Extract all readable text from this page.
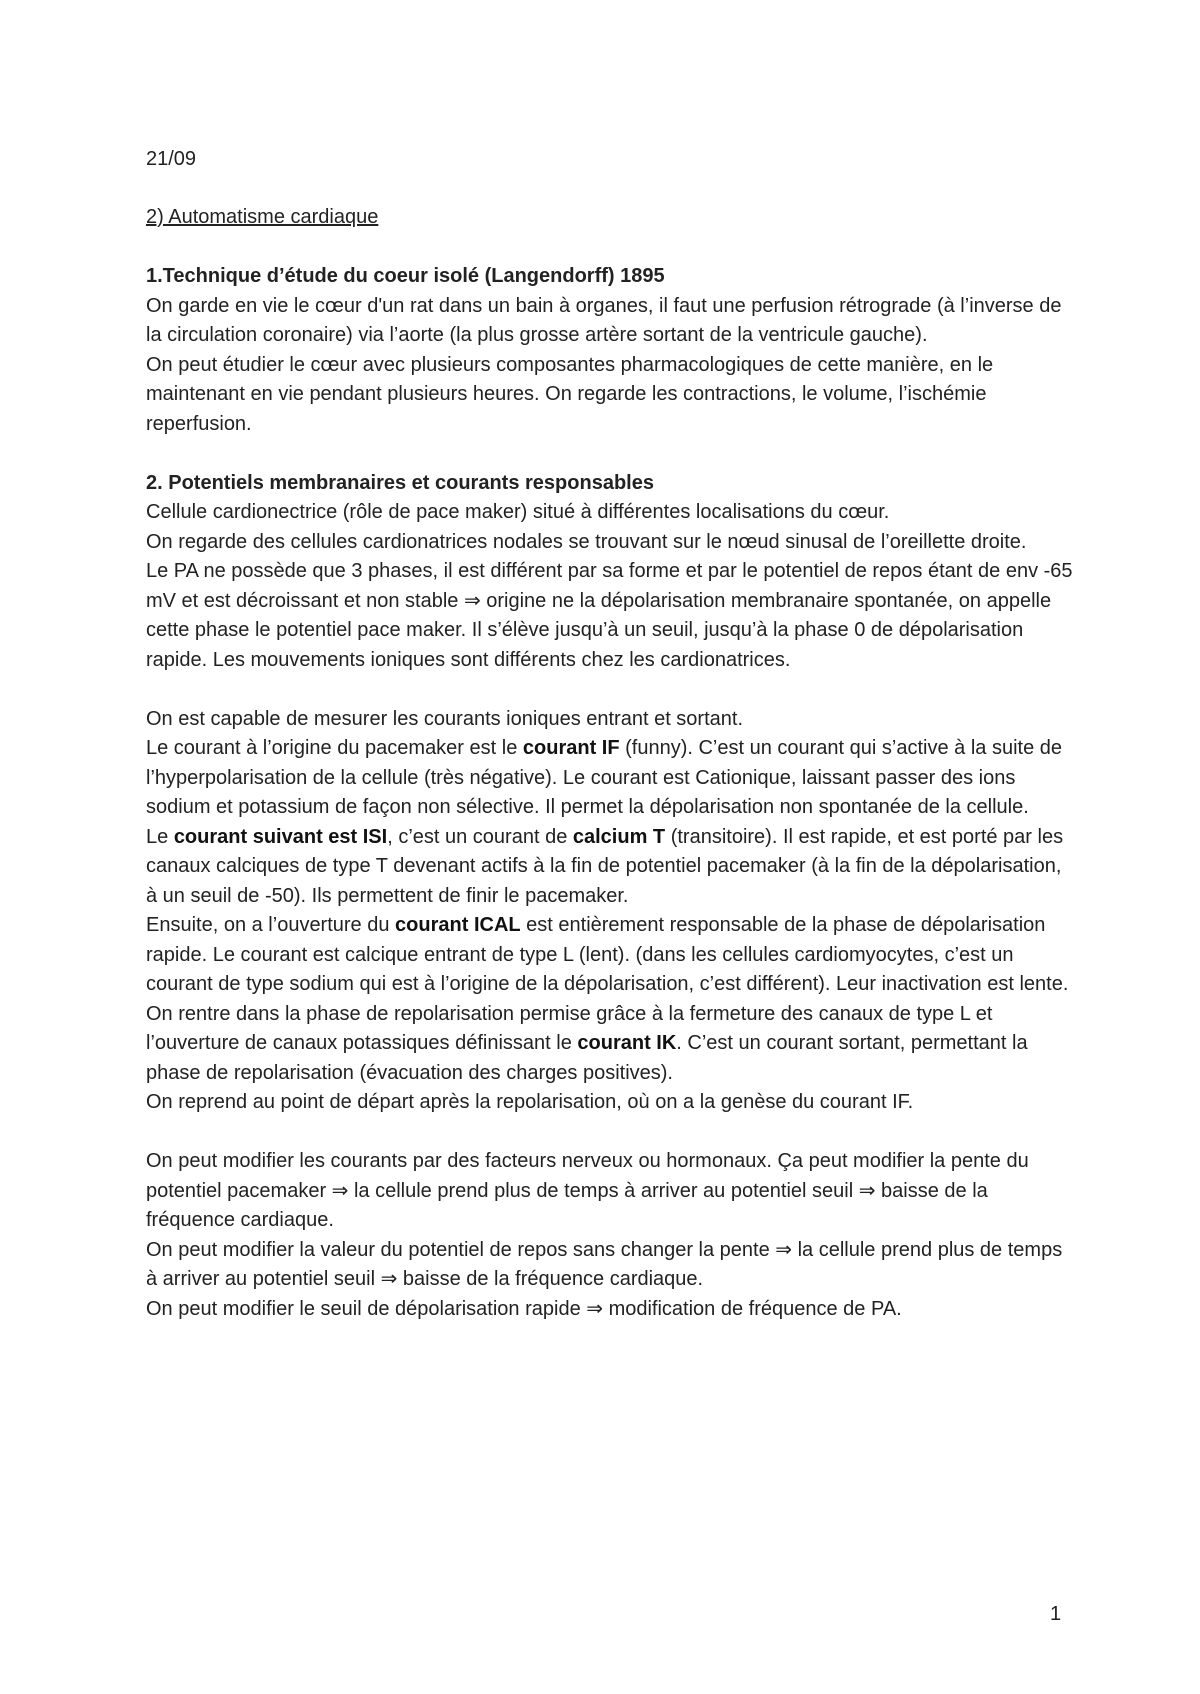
21/09
2) Automatisme cardiaque
1.Technique d’étude du coeur isolé (Langendorff) 1895

On garde en vie le cœur d'un rat dans un bain à organes, il faut une perfusion rétrograde (à l’inverse de la circulation coronaire) via l’aorte (la plus grosse artère sortant de la ventricule gauche).

On peut étudier le cœur avec plusieurs composantes pharmacologiques de cette manière, en le maintenant en vie pendant plusieurs heures. On regarde les contractions, le volume, l’ischémie reperfusion.

2. Potentiels membranaires et courants responsables

Cellule cardionectrice (rôle de pace maker) situé à différentes localisations du cœur.

On regarde des cellules cardionatrices nodales se trouvant sur le nœud sinusal de l’oreillette droite.

Le PA ne possède que 3 phases, il est différent par sa forme et par le potentiel de repos étant de env -65 mV et est décroissant et non stable ⇒ origine ne la dépolarisation membranaire spontanée, on appelle cette phase le potentiel pace maker. Il s’élève jusqu’à un seuil, jusqu’à la phase 0 de dépolarisation rapide. Les mouvements ioniques sont différents chez les cardionatrices.

On est capable de mesurer les courants ioniques entrant et sortant.

Le courant à l’origine du pacemaker est le courant IF (funny). C’est un courant qui s’active à la suite de l’hyperpolarisation de la cellule (très négative). Le courant est Cationique, laissant passer des ions sodium et potassium de façon non sélective. Il permet la dépolarisation non spontanée de la cellule.

Le courant suivant est ISI, c’est un courant de calcium T (transitoire). Il est rapide, et est porté par les canaux calciques de type T devenant actifs à la fin de potentiel pacemaker (à la fin de la dépolarisation, à un seuil de -50). Ils permettent de finir le pacemaker.

Ensuite, on a l’ouverture du courant ICAL est entièrement responsable de la phase de dépolarisation rapide. Le courant est calcique entrant de type L (lent). (dans les cellules cardiomyocytes, c’est un courant de type sodium qui est à l’origine de la dépolarisation, c’est différent). Leur inactivation est lente.

On rentre dans la phase de repolarisation permise grâce à la fermeture des canaux de type L et l’ouverture de canaux potassiques définissant le courant IK. C’est un courant sortant, permettant la phase de repolarisation (évacuation des charges positives).

On reprend au point de départ après la repolarisation, où on a la genèse du courant IF.

On peut modifier les courants par des facteurs nerveux ou hormonaux. Ça peut modifier la pente du potentiel pacemaker ⇒ la cellule prend plus de temps à arriver au potentiel seuil ⇒ baisse de la fréquence cardiaque.

On peut modifier la valeur du potentiel de repos sans changer la pente ⇒ la cellule prend plus de temps à arriver au potentiel seuil ⇒ baisse de la fréquence cardiaque.

On peut modifier le seuil de dépolarisation rapide ⇒ modification de fréquence de PA.

1
